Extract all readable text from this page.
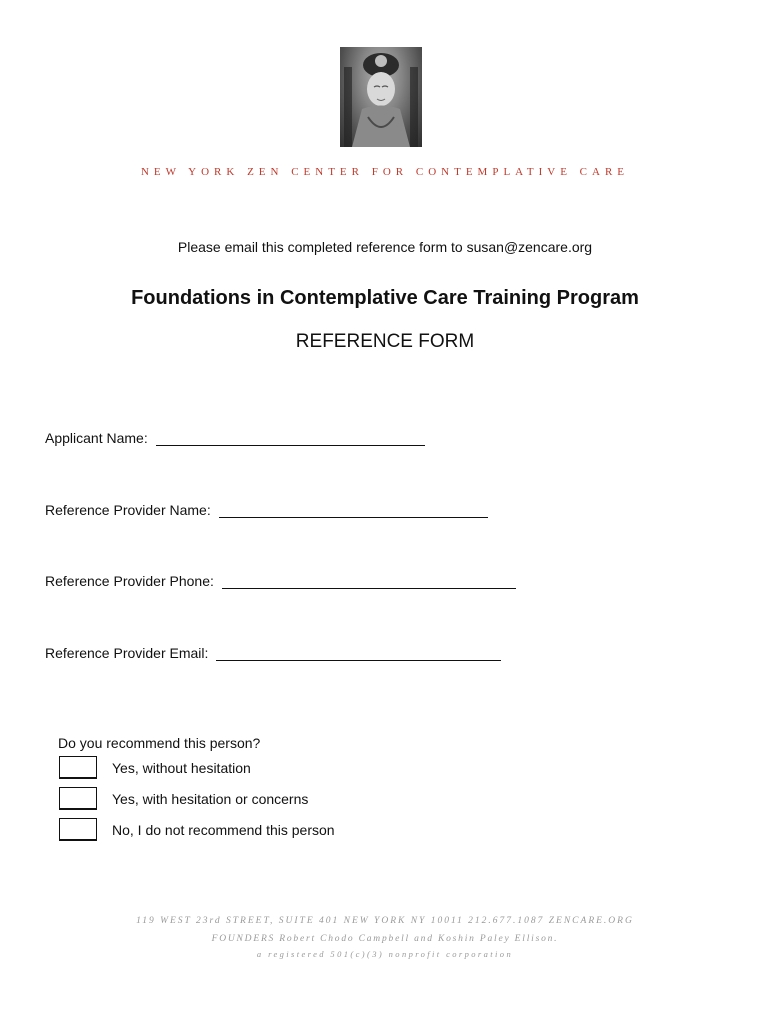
NEW YORK ZEN CENTER FOR CONTEMPLATIVE CARE
Please email this completed reference form to susan@zencare.org
Foundations in Contemplative Care Training Program
REFERENCE FORM
Applicant Name:
Reference Provider Name:
Reference Provider Phone:
Reference Provider Email:
Do you recommend this person?
Yes, without hesitation
Yes, with hesitation or concerns
No, I do not recommend this person
119 WEST 23rd STREET, SUITE 401 NEW YORK NY 10011 212.677.1087 ZENCARE.ORG
FOUNDERS Robert Chodo Campbell and Koshin Paley Ellison.
a registered 501(c)(3) nonprofit corporation
